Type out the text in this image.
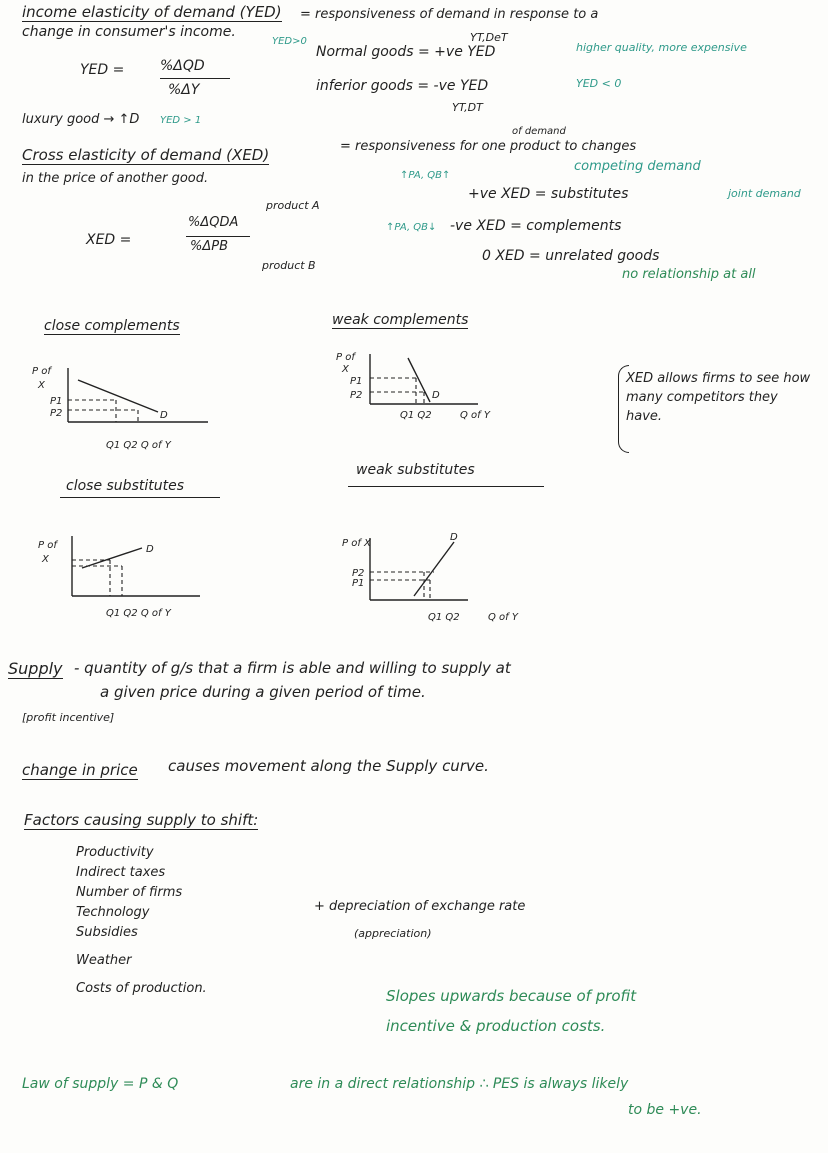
income elasticity of demand (YED) = responsiveness of demand in response to a
change in consumer's income.
YED =	%ΔQD
%ΔY
YED>0	YT,DeT
Normal goods = +ve YED	higher quality, more expensive
inferior goods = -ve YED	YED < 0
YT,DT
luxury good → ↑D YED > 1
Cross elasticity of demand (XED)
of demand
= responsiveness for one product to changes
in the price of another good.	↑PA, QB↑
competing demand
+ve XED = substitutes	joint demand
↑PA, QB↓ -ve XED = complements
0 XED = unrelated goods
no relationship at all
XED =
%ΔQDA
%ΔPB
product A
product B
close complements	weak complements
close substitutes
weak substitutes
P of
X
P1
P2	D
Q1 Q2 Q of Y
P of
X
P1
P2	D
Q1 Q2	Q of Y
P of
X
D
Q1 Q2 Q of Y
P of X
P2
P1
D
Q1 Q2	Q of Y
XED allows firms to see how many competitors they have.
Supply - quantity of g/s that a firm is able and willing to supply at
a given price during a given period of time.
[profit incentive]
change in price causes movement along the Supply curve.
Factors causing supply to shift:
Productivity
Indirect taxes
Number of firms
Technology
Subsidies
Weather
Costs of production.
+ depreciation of exchange rate
(appreciation)
Slopes upwards because of profit
incentive & production costs.
Law of supply = P & Q	are in a direct relationship ∴ PES is always likely
to be +ve.
